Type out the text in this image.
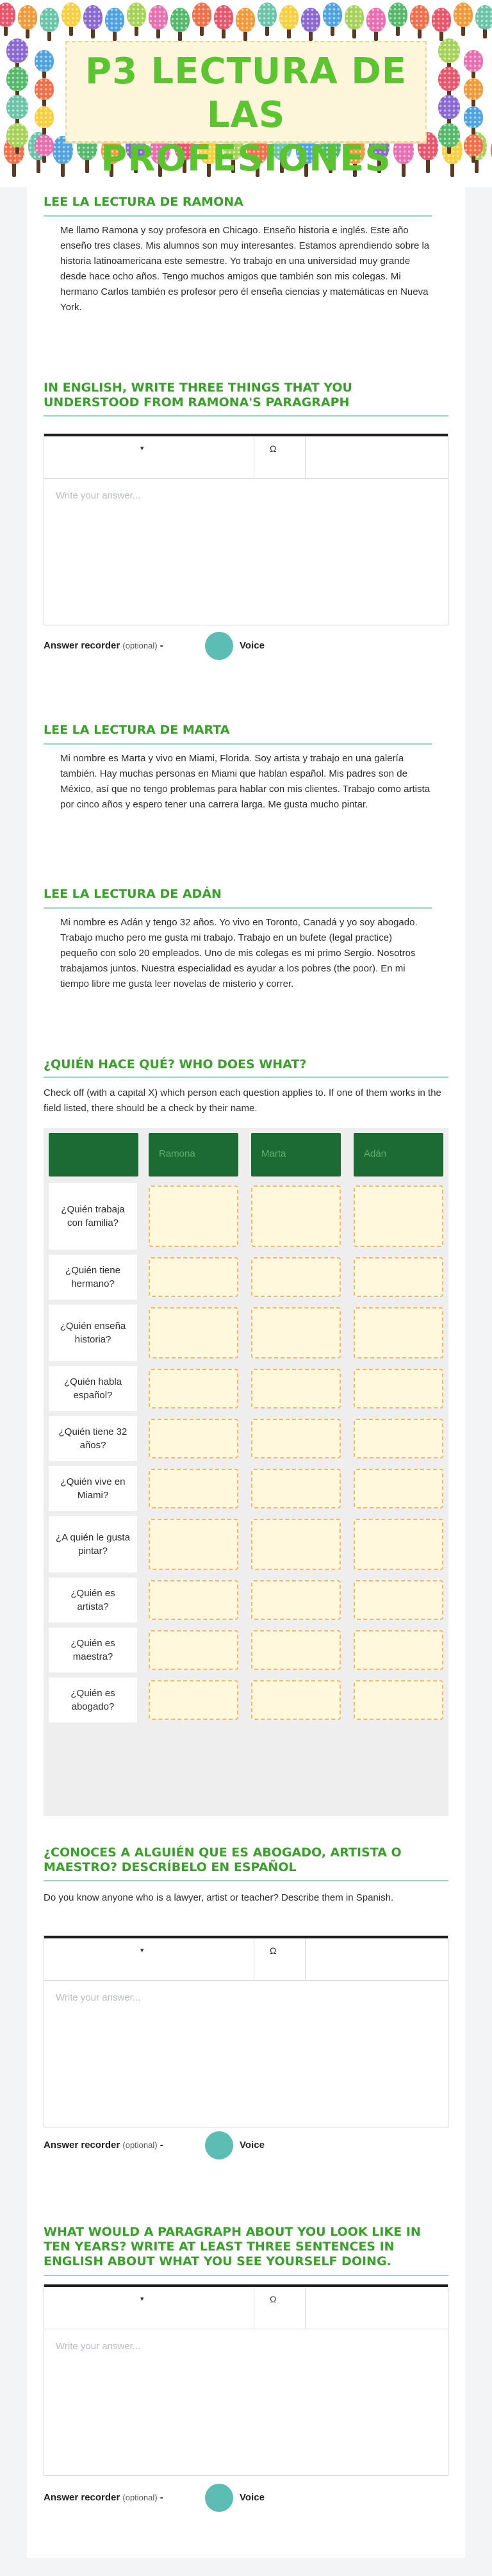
P3 LECTURA DE LAS PROFESIONES
LEE LA LECTURA DE RAMONA
Me llamo Ramona y soy profesora en Chicago. Enseño historia e inglés. Este año enseño tres clases. Mis alumnos son muy interesantes. Estamos aprendiendo sobre la historia latinoamericana este semestre. Yo trabajo en una universidad muy grande desde hace ocho años. Tengo muchos amigos que también son mis colegas. Mi hermano Carlos también es profesor pero él enseña ciencias y matemáticas en Nueva York.
IN ENGLISH, WRITE THREE THINGS THAT YOU UNDERSTOOD FROM RAMONA'S PARAGRAPH
▾	Ω
Write your answer...
Answer recorder (optional) -	Voice
LEE LA LECTURA DE MARTA
Mi nombre es Marta y vivo en Miami, Florida. Soy artista y trabajo en una galería también. Hay muchas personas en Miami que hablan español. Mis padres son de México, así que no tengo problemas para hablar con mis clientes. Trabajo como artista por cinco años y espero tener una carrera larga. Me gusta mucho pintar.
LEE LA LECTURA DE ADÁN
Mi nombre es Adán y tengo 32 años. Yo vivo en Toronto, Canadá y yo soy abogado. Trabajo mucho pero me gusta mi trabajo. Trabajo en un bufete (legal practice) pequeño con solo 20 empleados. Uno de mis colegas es mi primo Sergio. Nosotros trabajamos juntos. Nuestra especialidad es ayudar a los pobres (the poor). En mi tiempo libre me gusta leer novelas de misterio y correr.
¿QUIÉN HACE QUÉ? WHO DOES WHAT?
Check off (with a capital X) which person each question applies to. If one of them works in the field listed, there should be a check by their name.
Ramona	Marta	Adán
¿Quién trabaja con familia?
¿Quién tiene hermano?
¿Quién enseña historia?
¿Quién habla español?
¿Quién tiene 32 años?
¿Quién vive en Miami?
¿A quién le gusta pintar?
¿Quién es artista?
¿Quién es maestra?
¿Quién es abogado?
¿CONOCES A ALGUIÉN QUE ES ABOGADO, ARTISTA O MAESTRO? DESCRÍBELO EN ESPAÑOL
Do you know anyone who is a lawyer, artist or teacher? Describe them in Spanish.
▾	Ω
Write your answer...
Answer recorder (optional) -	Voice
WHAT WOULD A PARAGRAPH ABOUT YOU LOOK LIKE IN TEN YEARS? WRITE AT LEAST THREE SENTENCES IN ENGLISH ABOUT WHAT YOU SEE YOURSELF DOING.
▾	Ω
Write your answer...
Answer recorder (optional) -	Voice
